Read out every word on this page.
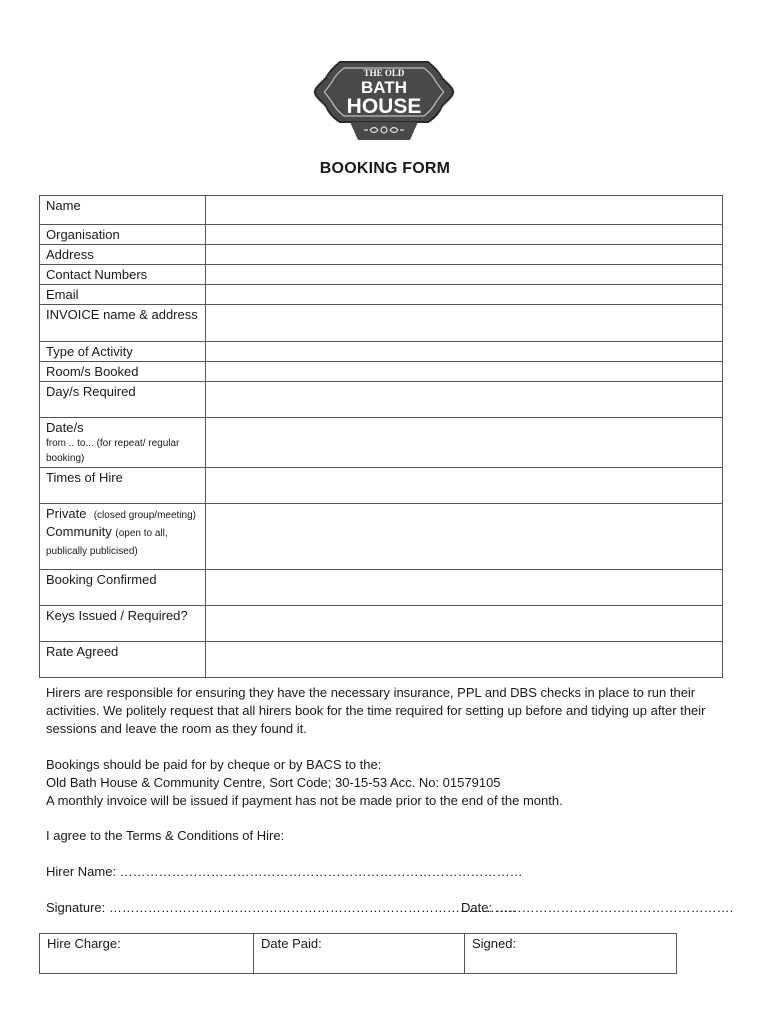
THE OLD
BATH
HOUSE
BOOKING FORM
Name	
Organisation	
Address	
Contact Numbers	
Email	
INVOICE name & address	
Type of Activity	
Room/s Booked	
Day/s Required	

Date/s
from .. to... (for repeat/ regular booking)	

Times of Hire	

Private (closed group/meeting)
Community (open to all, publically publicised)	

Booking Confirmed	
Keys Issued / Required?	
Rate Agreed	

Hirers are responsible for ensuring they have the necessary insurance, PPL and DBS checks in place to run their activities. We politely request that all hirers book for the time required for setting up before and tidying up after their sessions and leave the room as they found it.

Bookings should be paid for by cheque or by BACS to the:

Old Bath House & Community Centre, Sort Code; 30-15-53 Acc. No: 01579105

A monthly invoice will be issued if payment has not be made prior to the end of the month.

I agree to the Terms & Conditions of Hire:
Hirer Name: …………………………………………………………………………………
Signature: ………………………………………………………………………………….
Date: ……………………………………………….
Hire Charge:	Date Paid:	Signed:
